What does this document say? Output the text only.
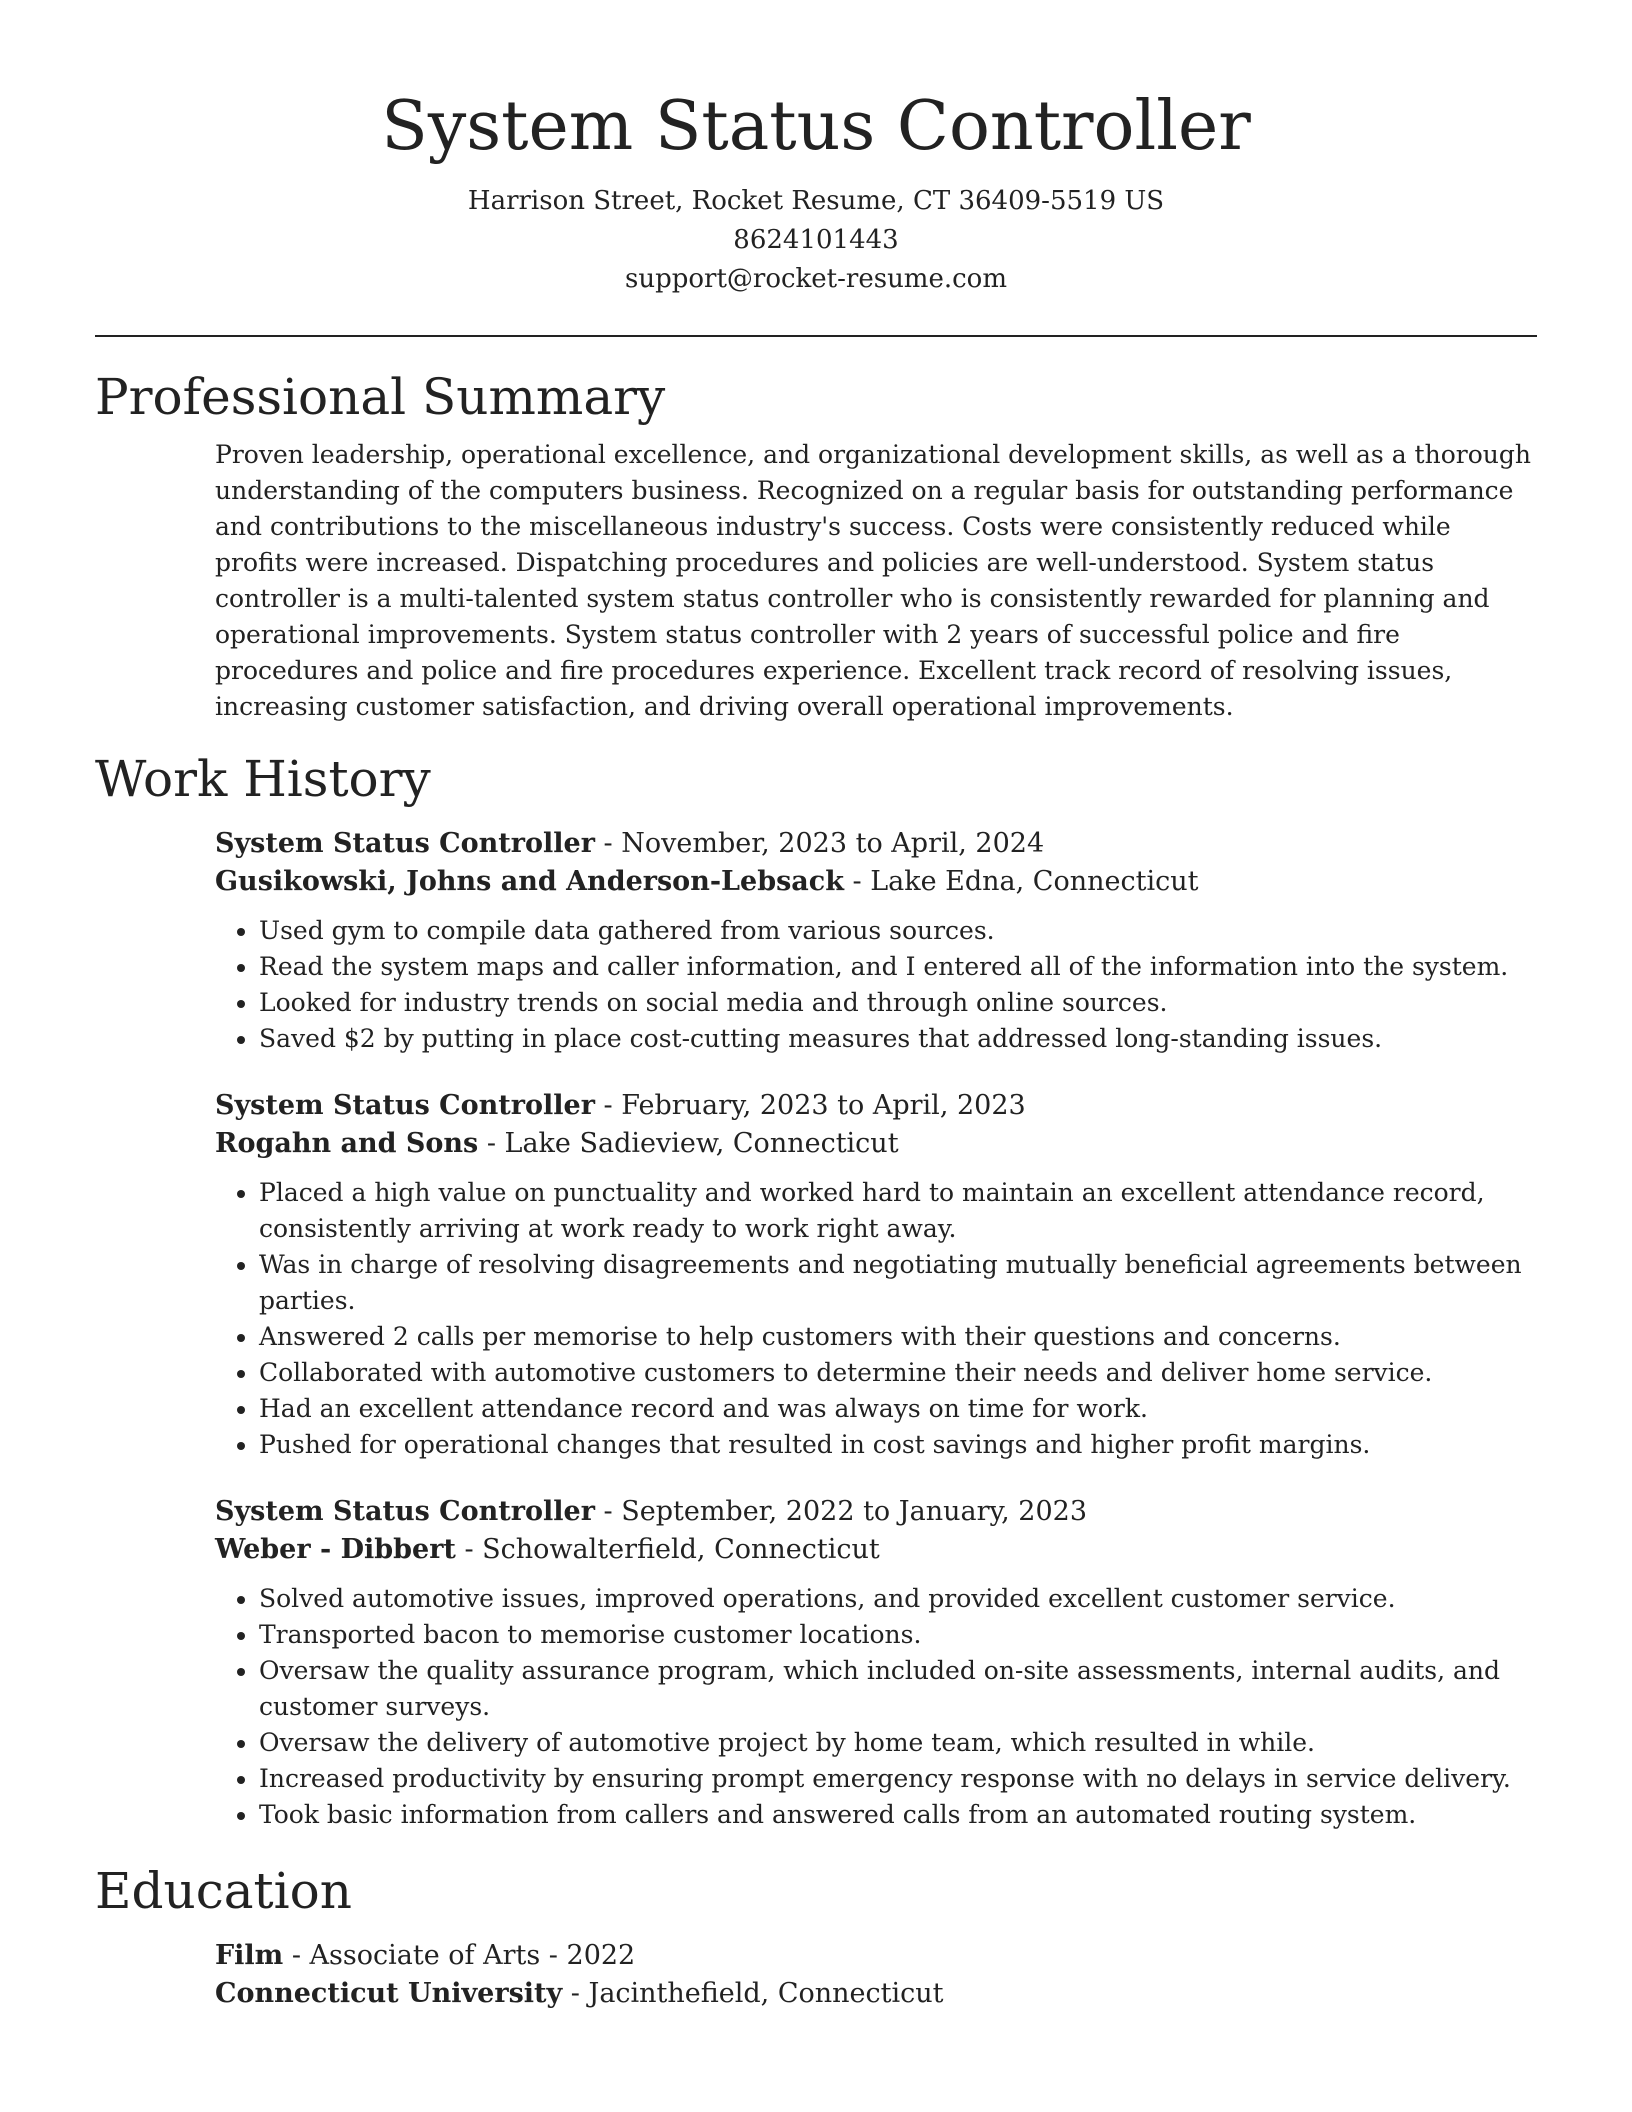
System Status Controller

Harrison Street, Rocket Resume, CT 36409-5519 US

8624101443

support@rocket-resume.com

Professional Summary

Proven leadership, operational excellence, and organizational development skills, as well as a thorough understanding of the computers business. Recognized on a regular basis for outstanding performance and contributions to the miscellaneous industry's success. Costs were consistently reduced while profits were increased. Dispatching procedures and policies are well-understood. System status controller is a multi-talented system status controller who is consistently rewarded for planning and operational improvements. System status controller with 2 years of successful police and fire procedures and police and fire procedures experience. Excellent track record of resolving issues, increasing customer satisfaction, and driving overall operational improvements.

Work History

System Status Controller - November, 2023 to April, 2024

Gusikowski, Johns and Anderson-Lebsack - Lake Edna, Connecticut

• Used gym to compile data gathered from various sources.
• Read the system maps and caller information, and I entered all of the information into the system.
• Looked for industry trends on social media and through online sources.
• Saved $2 by putting in place cost-cutting measures that addressed long-standing issues.

System Status Controller - February, 2023 to April, 2023

Rogahn and Sons - Lake Sadieview, Connecticut

• Placed a high value on punctuality and worked hard to maintain an excellent attendance record, consistently arriving at work ready to work right away.
• Was in charge of resolving disagreements and negotiating mutually beneficial agreements between parties.
• Answered 2 calls per memorise to help customers with their questions and concerns.
• Collaborated with automotive customers to determine their needs and deliver home service.
• Had an excellent attendance record and was always on time for work.
• Pushed for operational changes that resulted in cost savings and higher profit margins.

System Status Controller - September, 2022 to January, 2023

Weber - Dibbert - Schowalterfield, Connecticut

• Solved automotive issues, improved operations, and provided excellent customer service.
• Transported bacon to memorise customer locations.
• Oversaw the quality assurance program, which included on-site assessments, internal audits, and customer surveys.
• Oversaw the delivery of automotive project by home team, which resulted in while.
• Increased productivity by ensuring prompt emergency response with no delays in service delivery.
• Took basic information from callers and answered calls from an automated routing system.
Education

Film - Associate of Arts - 2022

Connecticut University - Jacinthefield, Connecticut
